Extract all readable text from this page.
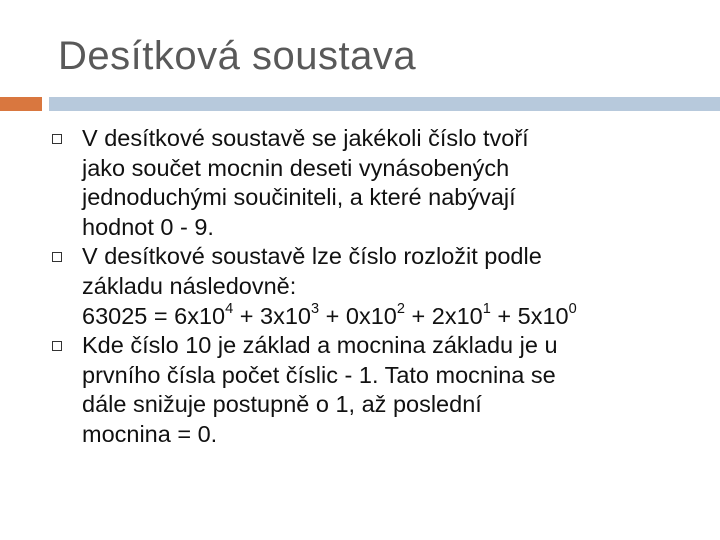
Desítková soustava
V desítkové soustavě se jakékoli číslo tvoří
jako součet mocnin deseti vynásobených
jednoduchými součiniteli, a které nabývají
hodnot 0 - 9.
V desítkové soustavě lze číslo rozložit podle
základu následovně:
$63025 = 6x10^4 + 3x10^3 + 0x10^2 + 2x10^1 + 5x10^0$
Kde číslo 10 je základ a mocnina základu je u
prvního čísla počet číslic - 1. Tato mocnina se
dále snižuje postupně o 1, až poslední
mocnina = 0.
